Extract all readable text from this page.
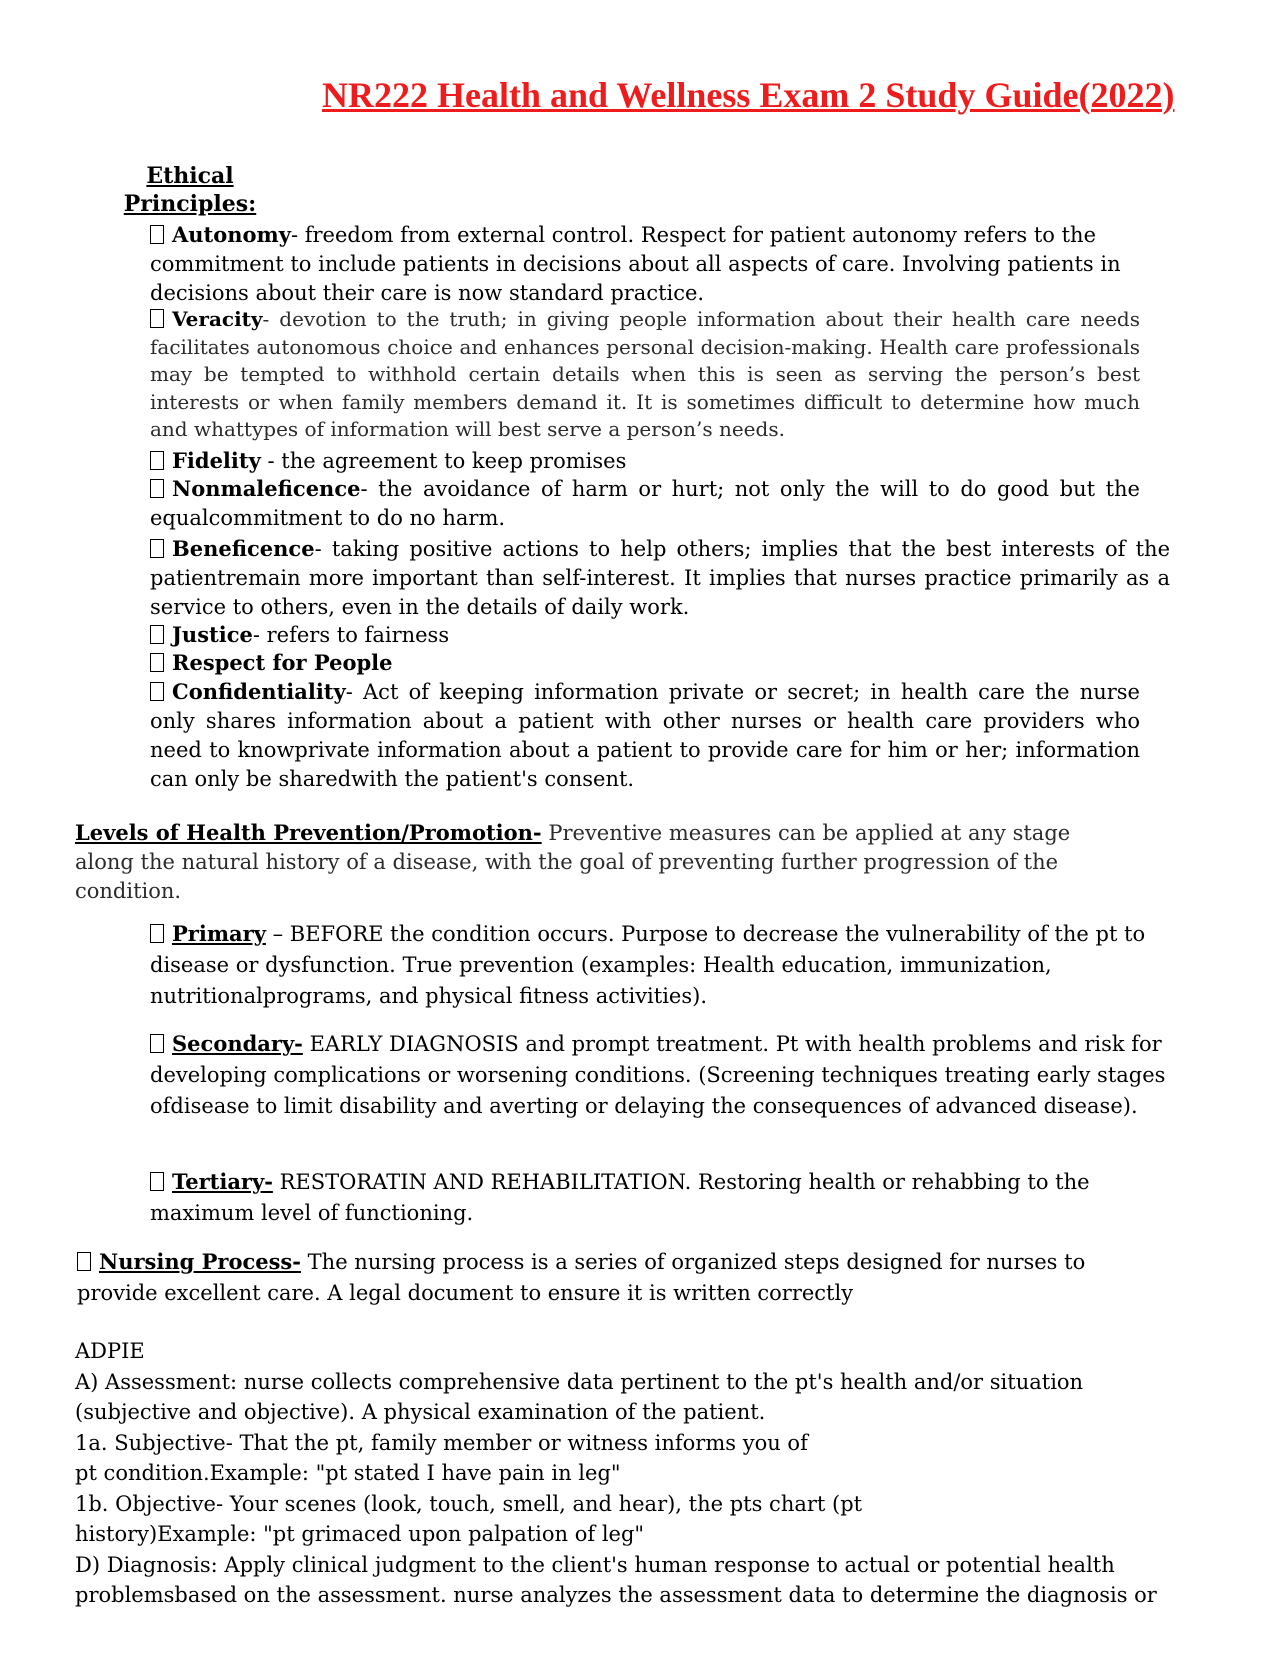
NR222 Health and Wellness Exam 2 Study Guide(2022)
Ethical Principles:

Autonomy- freedom from external control. Respect for patient autonomy refers to the commitment to include patients in decisions about all aspects of care. Involving patients in decisions about their care is now standard practice.

Veracity- devotion to the truth; in giving people information about their health care needs facilitates autonomous choice and enhances personal decision-making. Health care professionals may be tempted to withhold certain details when this is seen as serving the person’s best interests or when family members demand it. It is sometimes difficult to determine how much and whattypes of information will best serve a person’s needs.

Fidelity - the agreement to keep promises

Nonmaleficence- the avoidance of harm or hurt; not only the will to do good but the equalcommitment to do no harm.

Beneficence- taking positive actions to help others; implies that the best interests of the patientremain more important than self-interest. It implies that nurses practice primarily as a service to others, even in the details of daily work.

Justice- refers to fairness

Respect for People

Confidentiality- Act of keeping information private or secret; in health care the nurse only shares information about a patient with other nurses or health care providers who need to knowprivate information about a patient to provide care for him or her; information can only be sharedwith the patient's consent.

Levels of Health Prevention/Promotion- Preventive measures can be applied at any stage along the natural history of a disease, with the goal of preventing further progression of the condition.

Primary – BEFORE the condition occurs. Purpose to decrease the vulnerability of the pt to disease or dysfunction. True prevention (examples: Health education, immunization, nutritionalprograms, and physical fitness activities).

Secondary- EARLY DIAGNOSIS and prompt treatment. Pt with health problems and risk for developing complications or worsening conditions. (Screening techniques treating early stages ofdisease to limit disability and averting or delaying the consequences of advanced disease).

Tertiary- RESTORATIN AND REHABILITATION. Restoring health or rehabbing to the maximum level of functioning.

Nursing Process- The nursing process is a series of organized steps designed for nurses to provide excellent care. A legal document to ensure it is written correctly

ADPIE
A) Assessment: nurse collects comprehensive data pertinent to the pt's health and/or situation
(subjective and objective). A physical examination of the patient.
1a. Subjective- That the pt, family member or witness informs you of
pt condition.Example: "pt stated I have pain in leg"
1b. Objective- Your scenes (look, touch, smell, and hear), the pts chart (pt
history)Example: "pt grimaced upon palpation of leg"
D) Diagnosis: Apply clinical judgment to the client's human response to actual or potential health
problemsbased on the assessment. nurse analyzes the assessment data to determine the diagnosis or
